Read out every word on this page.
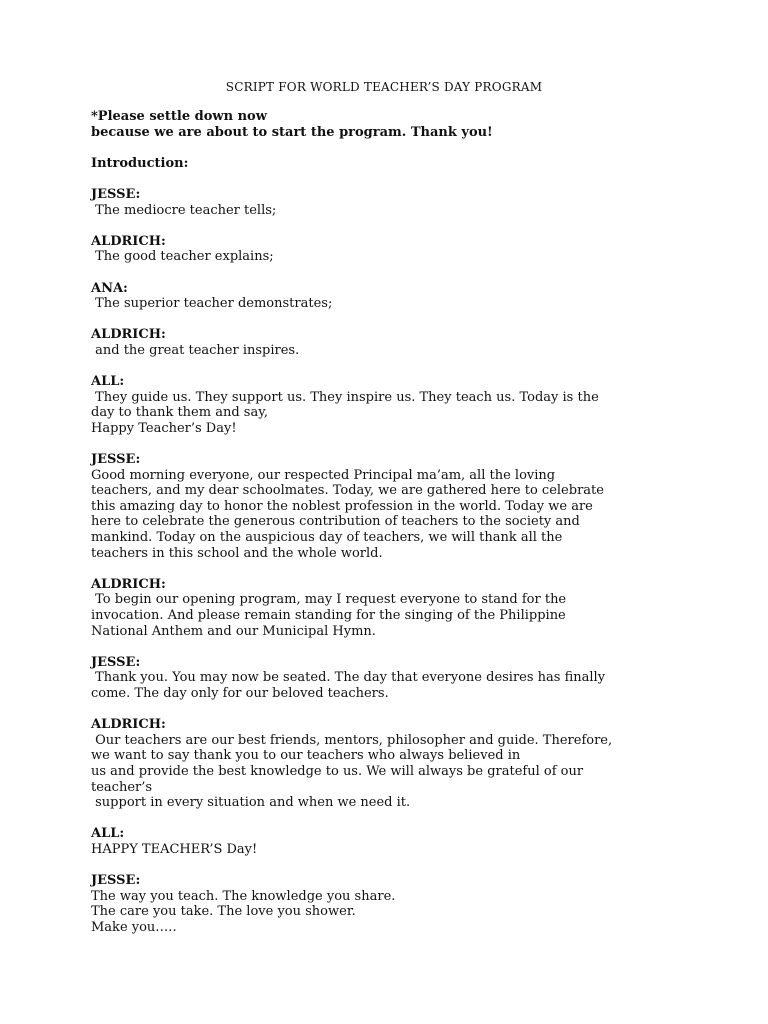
SCRIPT FOR WORLD TEACHER’S DAY PROGRAM
*Please settle down now
because we are about to start the program. Thank you!
Introduction:
JESSE:
The mediocre teacher tells;
ALDRICH:
The good teacher explains;
ANA:
The superior teacher demonstrates;
ALDRICH:
and the great teacher inspires.
ALL:
They guide us. They support us. They inspire us. They teach us. Today is the
day to thank them and say,
Happy Teacher’s Day!
JESSE:
Good morning everyone, our respected Principal ma’am, all the loving
teachers, and my dear schoolmates. Today, we are gathered here to celebrate
this amazing day to honor the noblest profession in the world. Today we are
here to celebrate the generous contribution of teachers to the society and
mankind. Today on the auspicious day of teachers, we will thank all the
teachers in this school and the whole world.
ALDRICH:
To begin our opening program, may I request everyone to stand for the
invocation. And please remain standing for the singing of the Philippine
National Anthem and our Municipal Hymn.
JESSE:
Thank you. You may now be seated. The day that everyone desires has finally
come. The day only for our beloved teachers.
ALDRICH:
Our teachers are our best friends, mentors, philosopher and guide. Therefore,
we want to say thank you to our teachers who always believed in
us and provide the best knowledge to us. We will always be grateful of our
teacher’s
support in every situation and when we need it.
ALL:
HAPPY TEACHER’S Day!
JESSE:
The way you teach. The knowledge you share.
The care you take. The love you shower.
Make you…..
